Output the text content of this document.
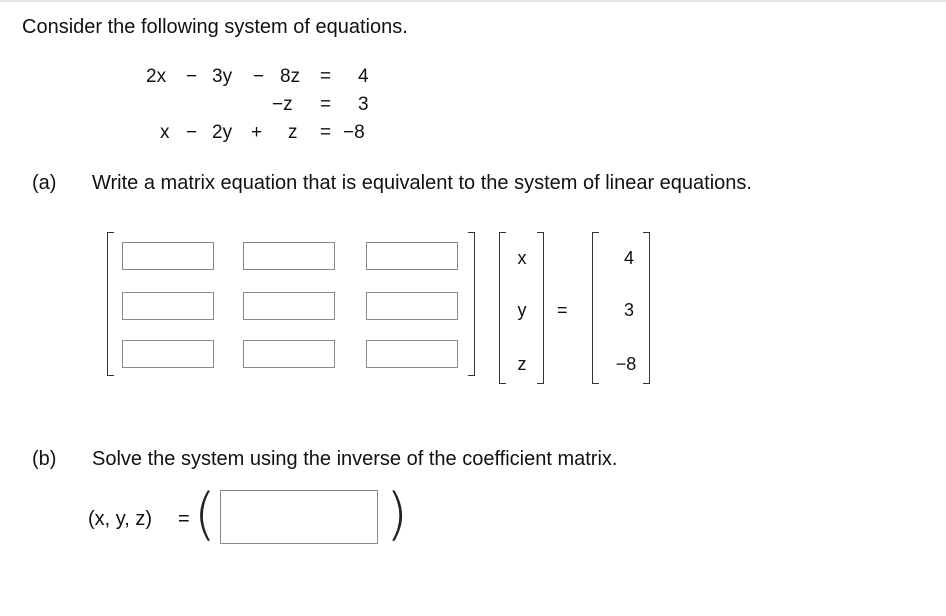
Consider the following system of equations.
2x − 3y − 8z = 4
−z = 3
x − 2y + z = −8
(a) Write a matrix equation that is equivalent to the system of linear equations.
x
y
z
=
4
3
−8
(b) Solve the system using the inverse of the coefficient matrix.
(x, y, z) = (	)
